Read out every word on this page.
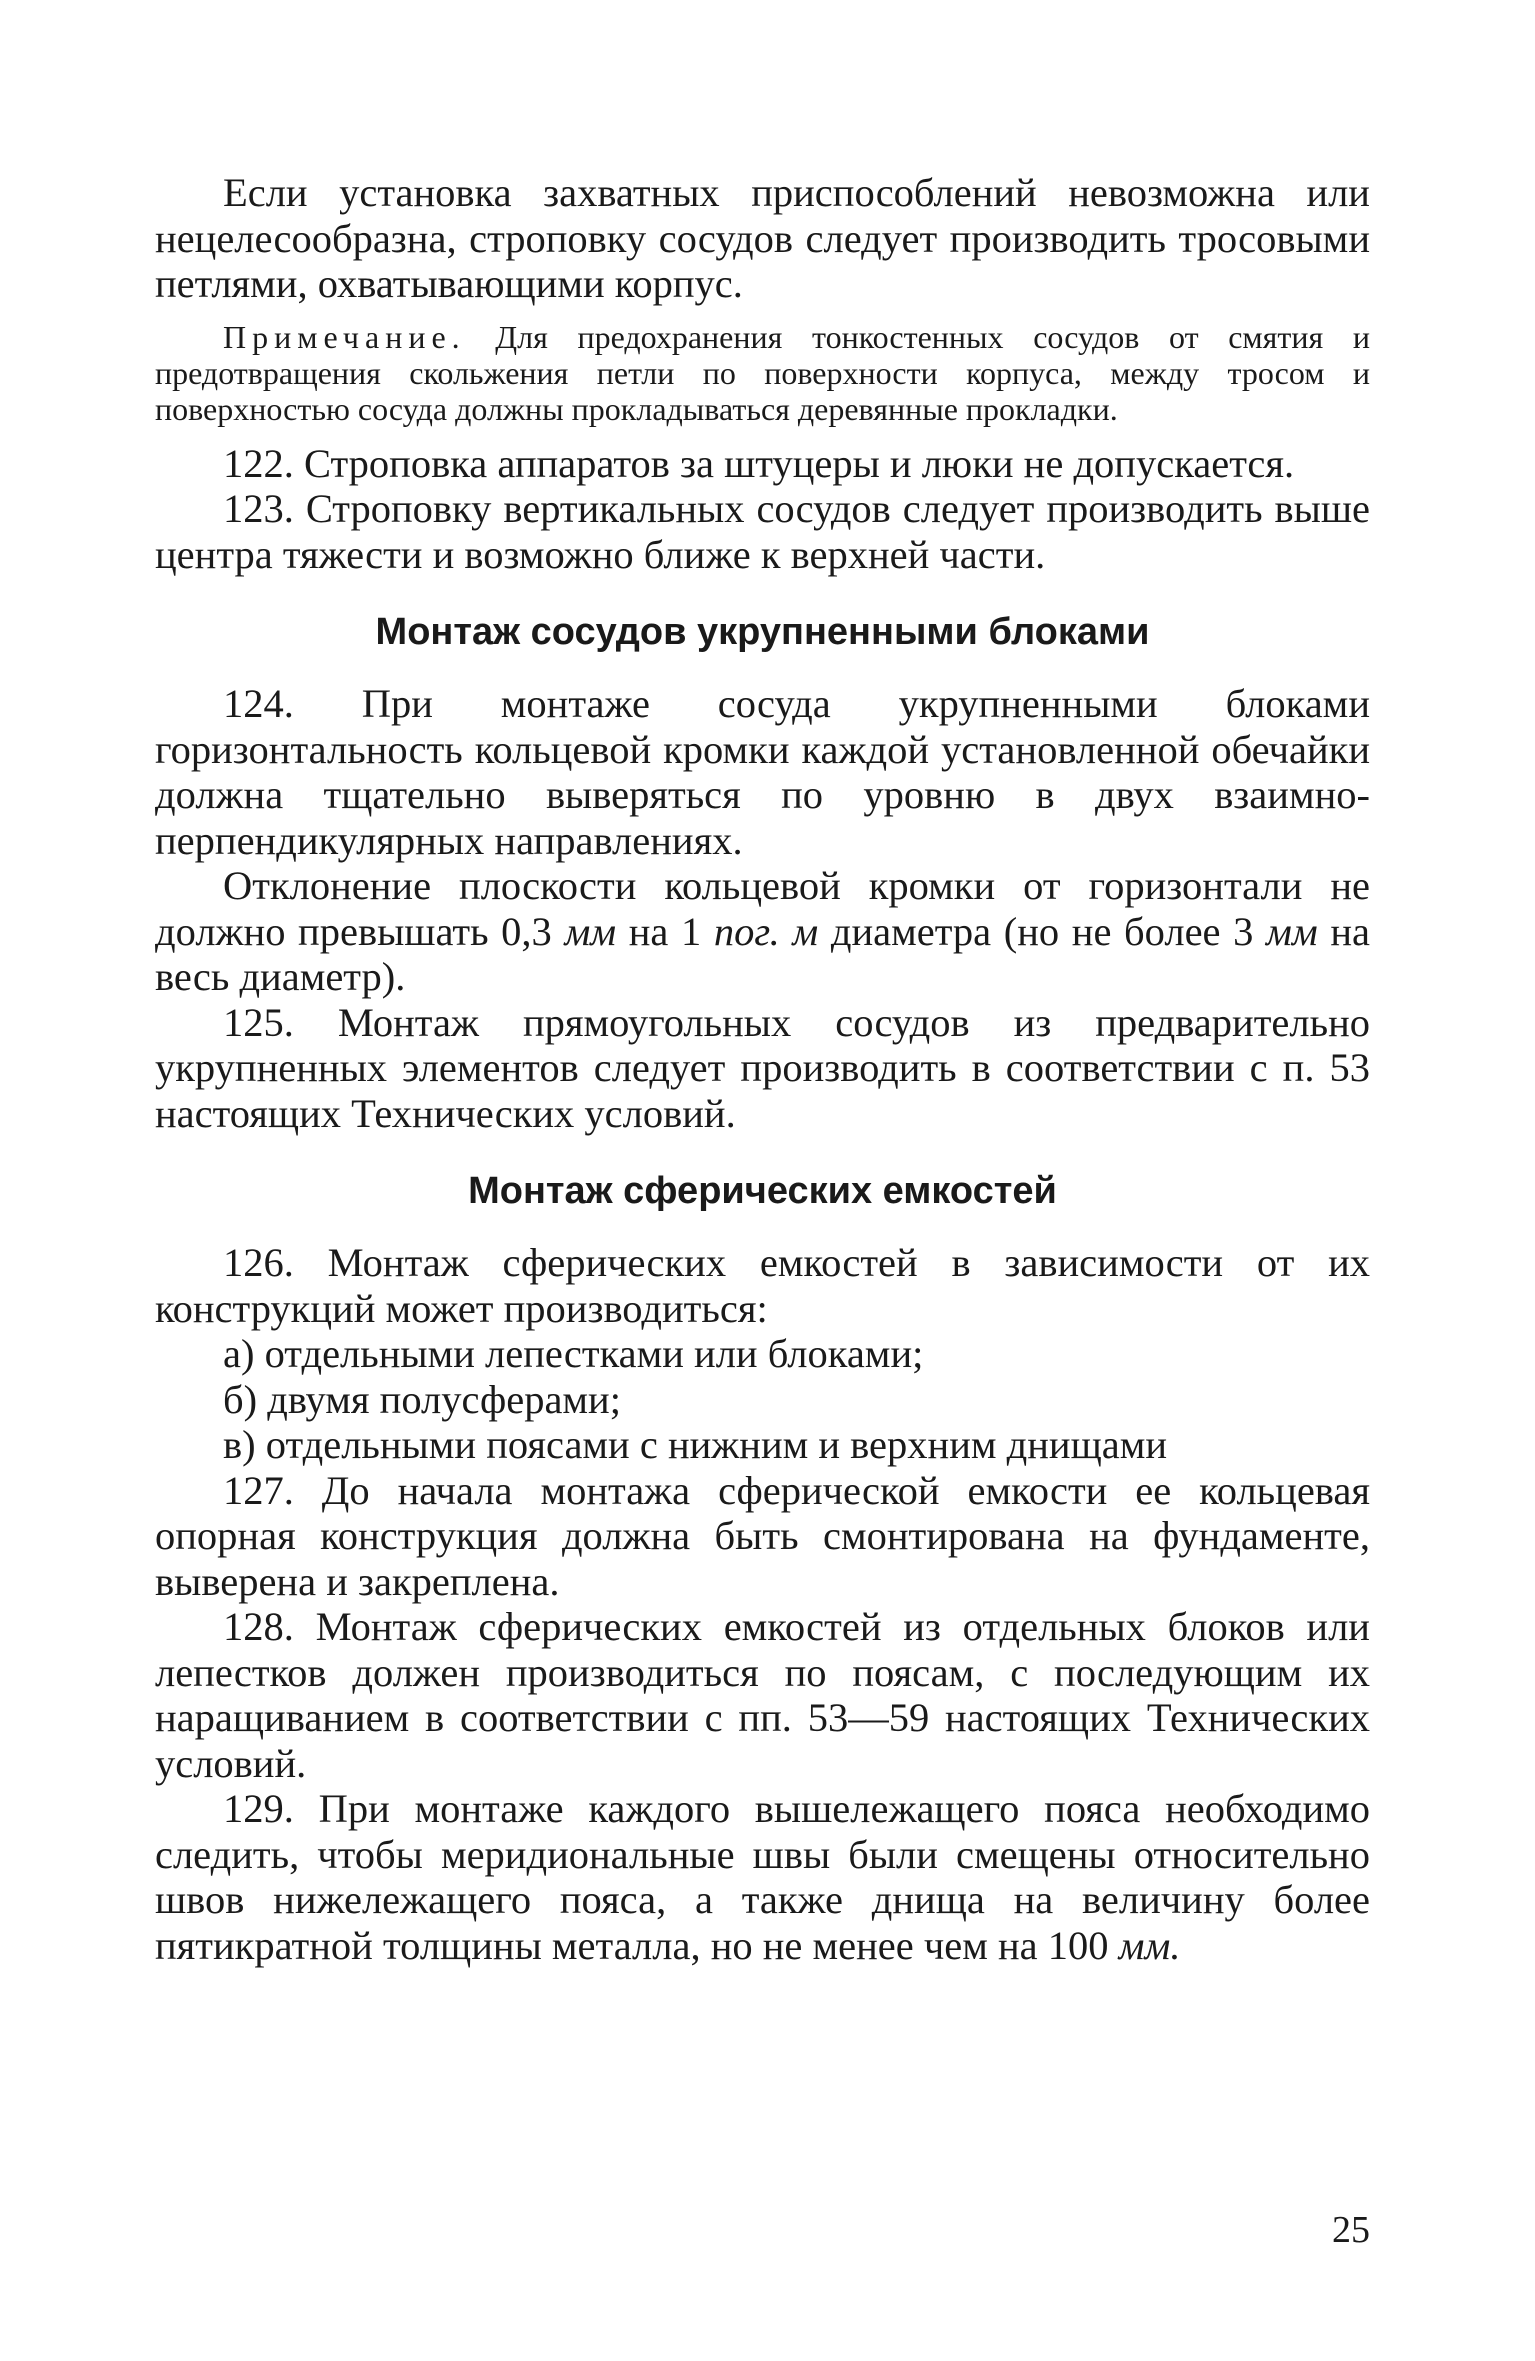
Если установка захватных приспособлений невозможна или нецелесообразна, строповку сосудов следует производить тросовыми петлями, охватывающими корпус.

Примечание. Для предохранения тонкостенных сосудов от смятия и предотвращения скольжения петли по поверхности корпуса, между тросом и поверхностью сосуда должны прокладываться деревянные прокладки.

122. Строповка аппаратов за штуцеры и люки не допускается.

123. Строповку вертикальных сосудов следует производить выше центра тяжести и возможно ближе к верхней части.

Монтаж сосудов укрупненными блоками

124. При монтаже сосуда укрупненными блоками горизонтальность кольцевой кромки каждой установленной обечайки должна тщательно выверяться по уровню в двух взаимно-перпендикулярных направлениях.

Отклонение плоскости кольцевой кромки от горизонтали не должно превышать 0,3 мм на 1 пог. м диаметра (но не более 3 мм на весь диаметр).

125. Монтаж прямоугольных сосудов из предварительно укрупненных элементов следует производить в соответствии с п. 53 настоящих Технических условий.

Монтаж сферических емкостей

126. Монтаж сферических емкостей в зависимости от их конструкций может производиться:

а) отдельными лепестками или блоками;

б) двумя полусферами;

в) отдельными поясами с нижним и верхним днищами

127. До начала монтажа сферической емкости ее кольцевая опорная конструкция должна быть смонтирована на фундаменте, выверена и закреплена.

128. Монтаж сферических емкостей из отдельных блоков или лепестков должен производиться по поясам, с последующим их наращиванием в соответствии с пп. 53—59 настоящих Технических условий.

129. При монтаже каждого вышележащего пояса необходимо следить, чтобы меридиональные швы были смещены относительно швов нижележащего пояса, а также днища на величину более пятикратной толщины металла, но не менее чем на 100 мм.

25
